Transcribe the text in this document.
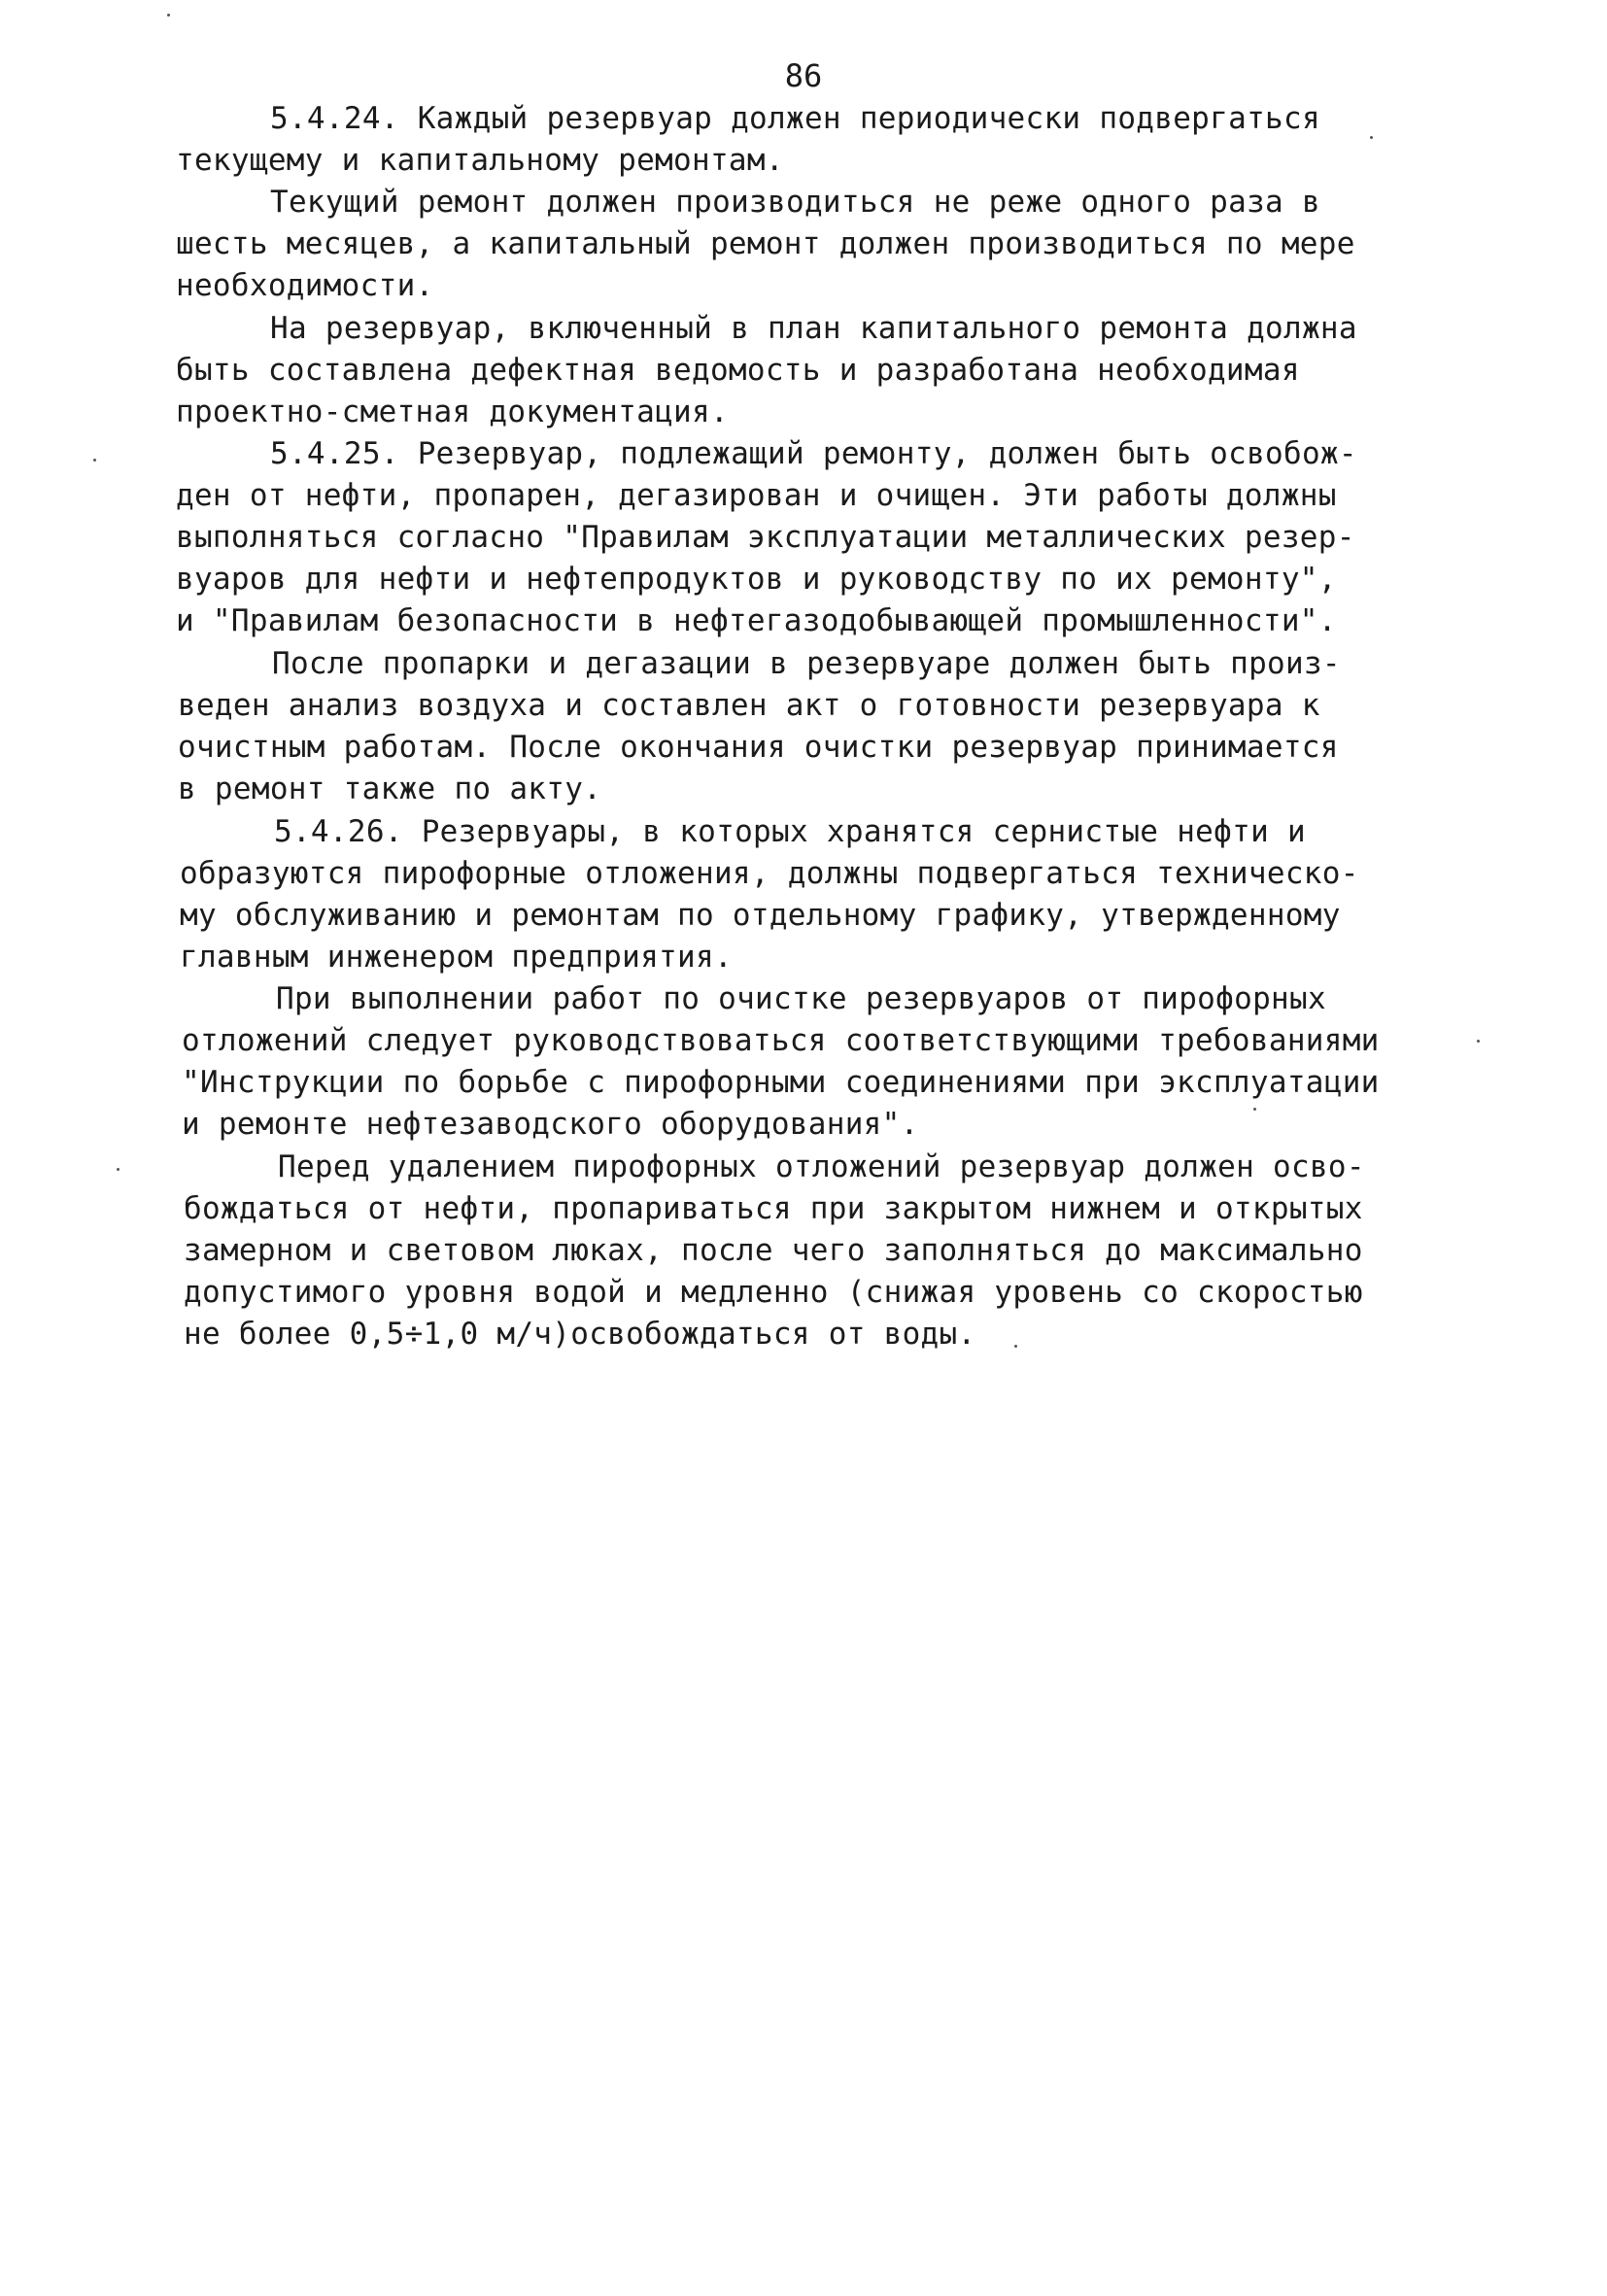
86
5.4.24. Каждый резервуар должен периодически подвергаться
текущему и капитальному ремонтам.
Текущий ремонт должен производиться не реже одного раза в
шесть месяцев, а капитальный ремонт должен производиться по мере
необходимости.
На резервуар, включенный в план капитального ремонта должна
быть составлена дефектная ведомость и разработана необходимая
проектно-сметная документация.
5.4.25. Резервуар, подлежащий ремонту, должен быть освобож-
ден от нефти, пропарен, дегазирован и очищен. Эти работы должны
выполняться согласно "Правилам эксплуатации металлических резер-
вуаров для нефти и нефтепродуктов и руководству по их ремонту",
и "Правилам безопасности в нефтегазодобывающей промышленности".
После пропарки и дегазации в резервуаре должен быть произ-
веден анализ воздуха и составлен акт о готовности резервуара к
очистным работам. После окончания очистки резервуар принимается
в ремонт также по акту.
5.4.26. Резервуары, в которых хранятся сернистые нефти и
образуются пирофорные отложения, должны подвергаться техническо-
му обслуживанию и ремонтам по отдельному графику, утвержденному
главным инженером предприятия.
При выполнении работ по очистке резервуаров от пирофорных
отложений следует руководствоваться соответствующими требованиями
"Инструкции по борьбе с пирофорными соединениями при эксплуатации
и ремонте нефтезаводского оборудования".
Перед удалением пирофорных отложений резервуар должен осво-
бождаться от нефти, пропариваться при закрытом нижнем и открытых
замерном и световом люках, после чего заполняться до максимально
допустимого уровня водой и медленно (снижая уровень со скоростью
не более 0,5÷1,0 м/ч)освобождаться от воды.
